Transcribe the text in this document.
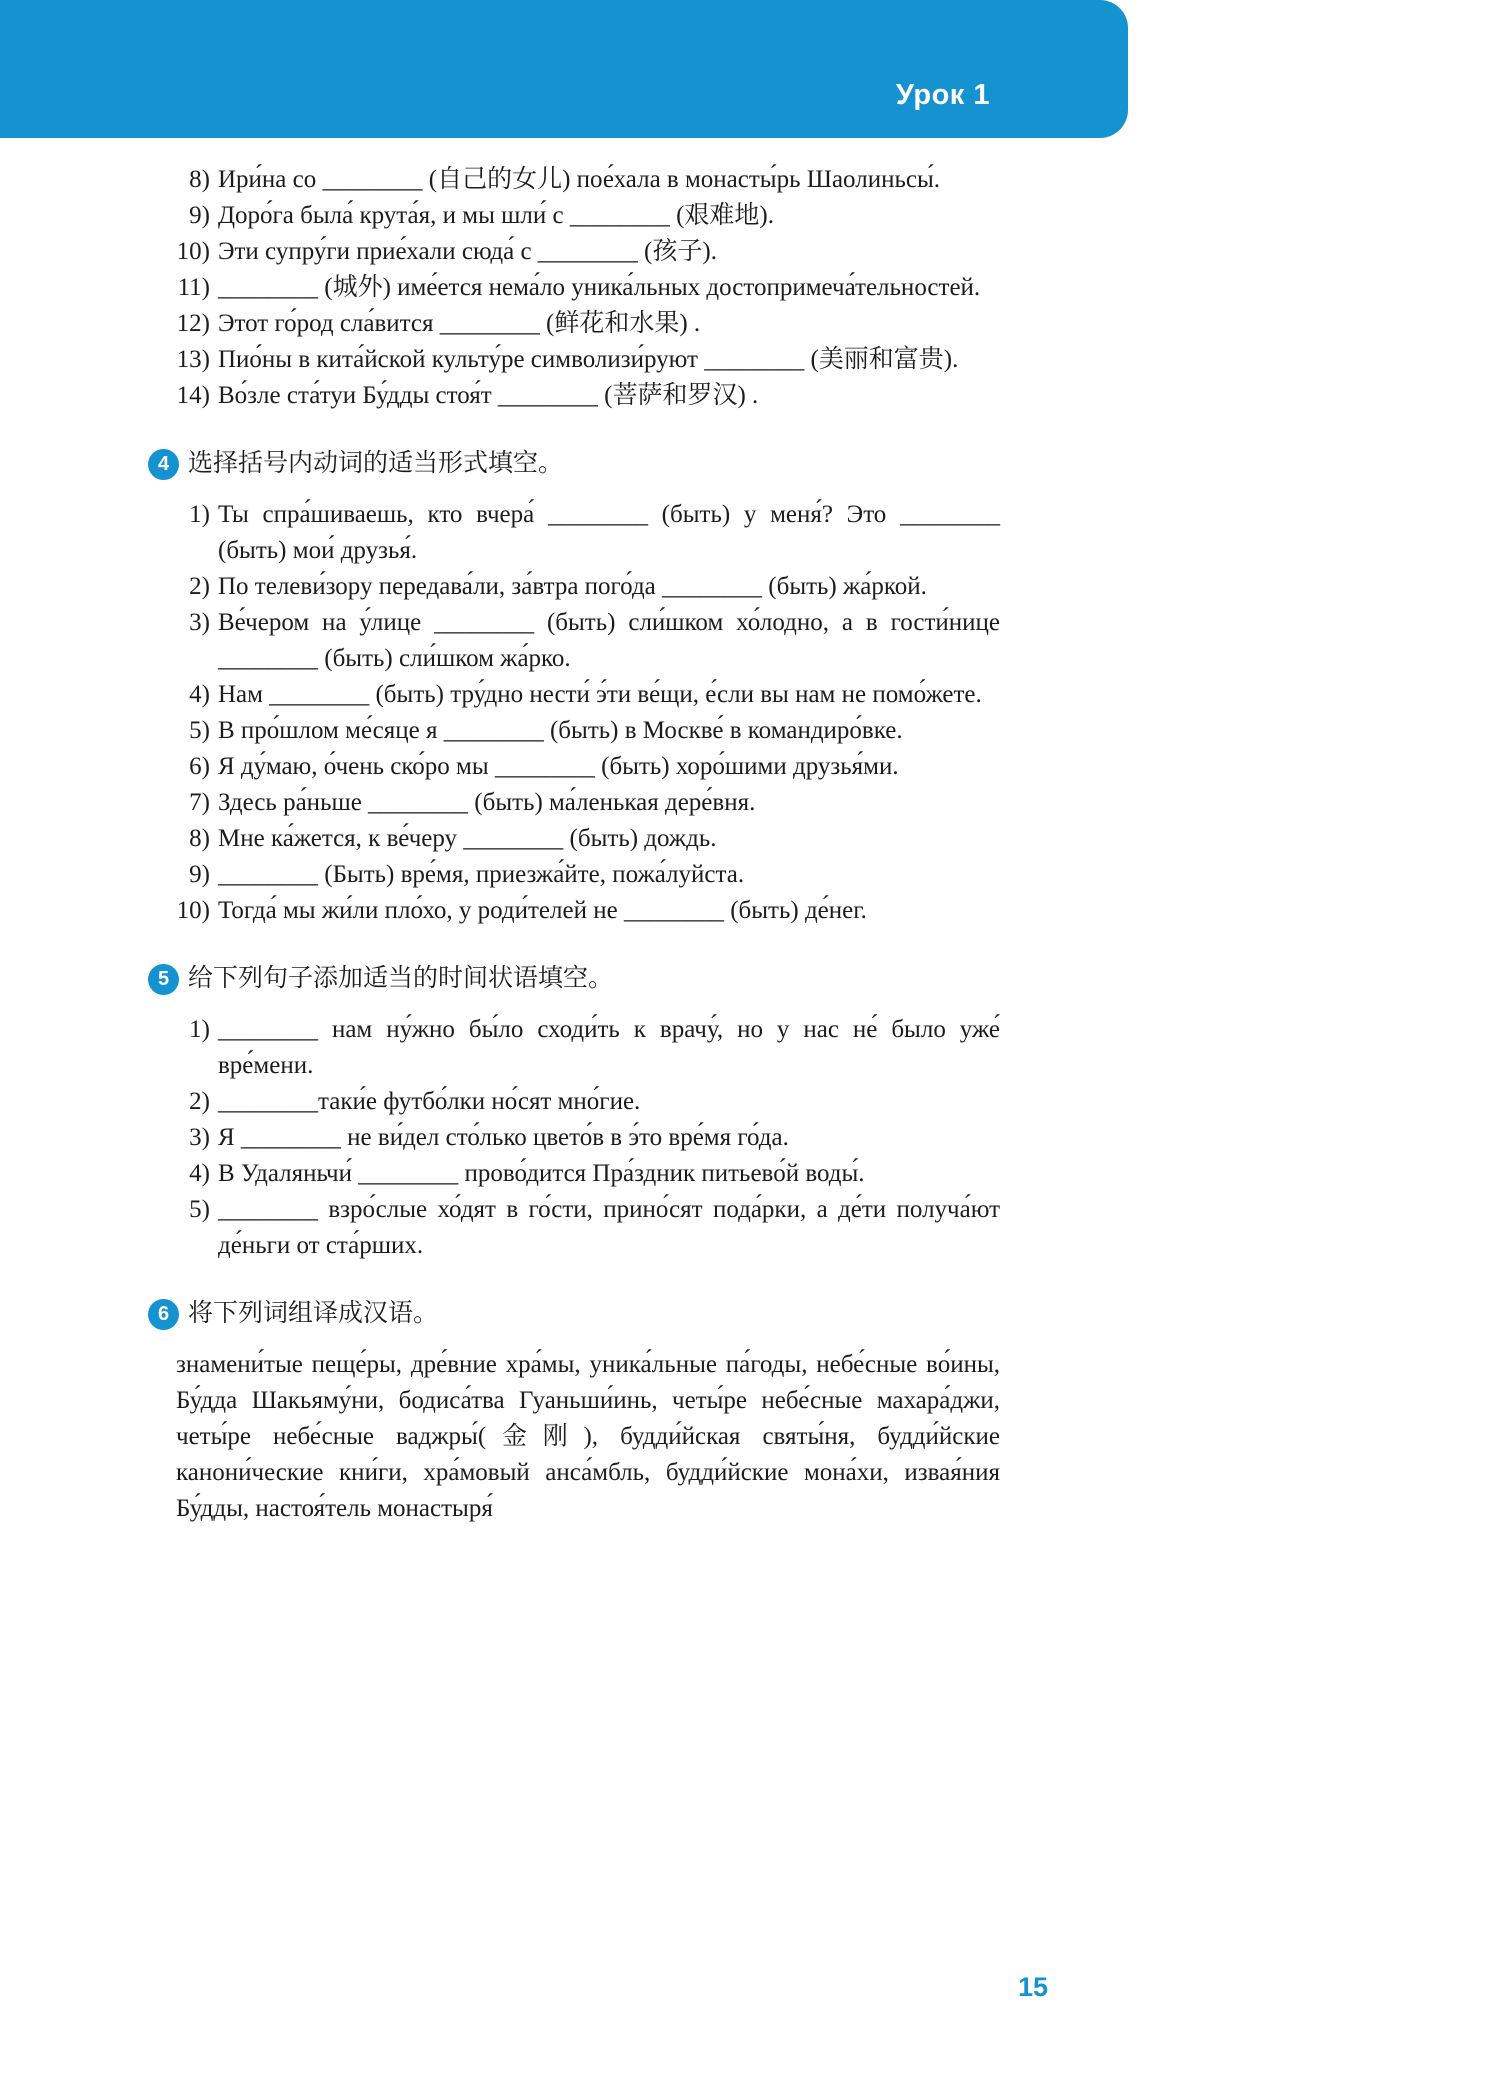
Урок 1
8) Ири́на со ________ (自己的女儿) пое́хала в монасты́рь Шаолиньсы́.
9) Доро́га была́ крута́я, и мы шли́ с ________ (艰难地).
10) Эти супру́ги прие́хали сюда́ с ________ (孩子).
11) ________ (城外) име́ется нема́ло уника́льных достопримеча́тельностей.
12) Этот го́род сла́вится ________ (鲜花和水果) .
13) Пио́ны в кита́йской культу́ре символизи́руют ________ (美丽和富贵).
14) Во́зле ста́туи Бу́дды стоя́т ________ (菩萨和罗汉) .
4 选择括号内动词的适当形式填空。
1) Ты спра́шиваешь, кто вчера́ ________ (быть) у меня́? Это ________ (быть) мои́ друзья́.
2) По телеви́зору передава́ли, за́втра пого́да ________ (быть) жа́ркой.
3) Ве́чером на у́лице ________ (быть) сли́шком хо́лодно, а в гости́нице ________ (быть) сли́шком жа́рко.
4) Нам ________ (быть) тру́дно нести́ э́ти ве́щи, е́сли вы нам не помо́жете.
5) В про́шлом ме́сяце я ________ (быть) в Москве́ в командиро́вке.
6) Я ду́маю, о́чень ско́ро мы ________ (быть) хоро́шими друзья́ми.
7) Здесь ра́ньше ________ (быть) ма́ленькая дере́вня.
8) Мне ка́жется, к ве́черу ________ (быть) дождь.
9) ________ (Быть) вре́мя, приезжа́йте, пожа́луйста.
10) Тогда́ мы жи́ли пло́хо, у роди́телей не ________ (быть) де́нег.
5 给下列句子添加适当的时间状语填空。
1) ________ нам ну́жно бы́ло сходи́ть к врачу́, но у нас не́ было уже́ вре́мени.
2) ________таки́е футбо́лки но́сят мно́гие.
3) Я ________ не ви́дел сто́лько цвето́в в э́то вре́мя го́да.
4) В Удаляньчи́ ________ прово́дится Пра́здник питьево́й воды́.
5) ________ взро́слые хо́дят в го́сти, прино́сят пода́рки, а де́ти получа́ют де́ньги от ста́рших.
6 将下列词组译成汉语。

знамени́тые пеще́ры, дре́вние хра́мы, уника́льные па́годы, небе́сные во́ины, Бу́дда Шакьяму́ни, бодиса́тва Гуаньши́инь, четы́ре небе́сные махара́джи, четы́ре небе́сные ваджры́(金刚), будди́йская святы́ня, будди́йские канони́ческие кни́ги, хра́мовый анса́мбль, будди́йские мона́хи, извая́ния Бу́дды, настоя́тель монастыря́

15
